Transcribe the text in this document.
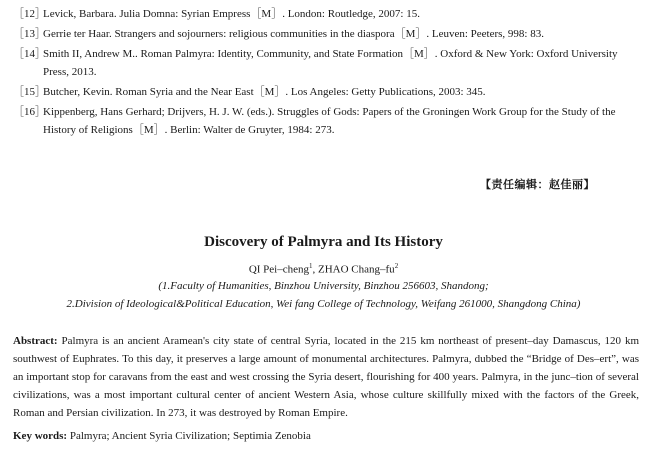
［12］
Levick, Barbara. Julia Domna: Syrian Empress［M］. London: Routledge, 2007: 15.
［13］
Gerrie ter Haar. Strangers and sojourners: religious communities in the diaspora［M］. Leuven: Peeters, 998: 83.
［14］
Smith II, Andrew M.. Roman Palmyra: Identity, Community, and State Formation［M］. Oxford & New York: Oxford University Press, 2013.
［15］
Butcher, Kevin. Roman Syria and the Near East［M］. Los Angeles: Getty Publications, 2003: 345.
［16］
Kippenberg, Hans Gerhard; Drijvers, H. J. W. (eds.). Struggles of Gods: Papers of the Groningen Work Group for the Study of the History of Religions［M］. Berlin: Walter de Gruyter, 1984: 273.
【责任编辑：赵佳丽】
Discovery of Palmyra and Its History
QI Pei–cheng$^1$, ZHAO Chang–$fu^2$
(1.Faculty of Humanities, Binzhou University, Binzhou 256603, Shandong;
2.Division of Ideological&Political Education, Wei fang College of Technology, Weifang 261000, Shangdong China)
Abstract: Palmyra is an ancient Aramean's city state of central Syria, located in the 215 km northeast of present–day Damascus, 120 km southwest of Euphrates. To this day, it preserves a large amount of monumental architectures. Palmyra, dubbed the “Bridge of Des–ert”, was an important stop for caravans from the east and west crossing the Syria desert, flourishing for 400 years. Palmyra, in the junc–tion of several civilizations, was a most important cultural center of ancient Western Asia, whose culture skillfully mixed with the factors of the Greek, Roman and Persian civilization. In 273, it was destroyed by Roman Empire.
Key words: Palmyra; Ancient Syria Civilization; Septimia Zenobia
